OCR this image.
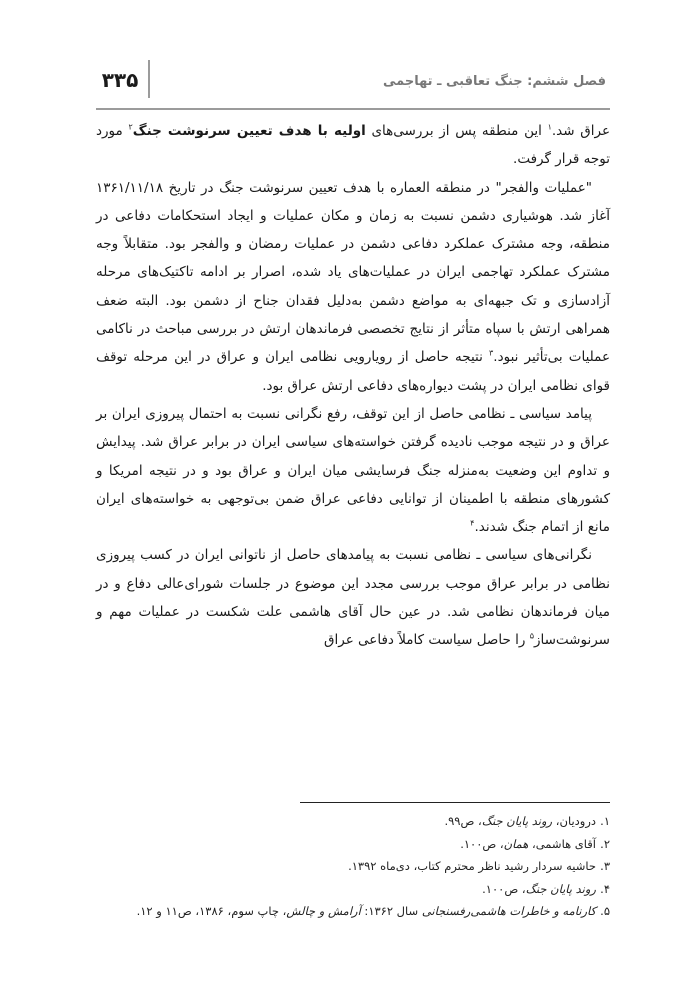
۳۳۵	فصل ششم: جنگ تعاقبی ـ تهاجمی

عراق شد.$^۱$ این منطقه پس از بررسی‌های اولیه با هدف تعیین سرنوشت جنگ$^۲$ مورد توجه قرار گرفت.

"عملیات والفجر" در منطقه العماره با هدف تعیین سرنوشت جنگ در تاریخ ۱۳۶۱/۱۱/۱۸ آغاز شد. هوشیاری دشمن نسبت به زمان و مکان عملیات و ایجاد استحکامات دفاعی در منطقه، وجه مشترک عملکرد دفاعی دشمن در عملیات رمضان و والفجر بود. متقابلاً وجه مشترک عملکرد تهاجمی ایران در عملیات‌های یاد شده، اصرار بر ادامه تاکتیک‌های مرحله آزادسازی و تک جبهه‌ای به مواضع دشمن به‌دلیل فقدان جناح از دشمن بود. البته ضعف همراهی ارتش با سپاه متأثر از نتایج تخصصی فرماندهان ارتش در بررسی مباحث در ناکامی عملیات بی‌تأثیر نبود.$^۳$ نتیجه حاصل از رویارویی نظامی ایران و عراق در این مرحله توقف قوای نظامی ایران در پشت دیواره‌های دفاعی ارتش عراق بود.

پیامد سیاسی ـ نظامی حاصل از این توقف، رفع نگرانی نسبت به احتمال پیروزی ایران بر عراق و در نتیجه موجب نادیده گرفتن خواسته‌های سیاسی ایران در برابر عراق شد. پیدایش و تداوم این وضعیت به‌منزله جنگ فرسایشی میان ایران و عراق بود و در نتیجه امریکا و کشورهای منطقه با اطمینان از توانایی دفاعی عراق ضمن بی‌توجهی به خواسته‌های ایران مانع از اتمام جنگ شدند.$^۴$

نگرانی‌های سیاسی ـ نظامی نسبت به پیامدهای حاصل از ناتوانی ایران در کسب پیروزی نظامی در برابر عراق موجب بررسی مجدد این موضوع در جلسات شورای‌عالی دفاع و در میان فرماندهان نظامی شد. در عین حال آقای هاشمی علت شکست در عملیات مهم و سرنوشت‌ساز$^۵$ را حاصل سیاست کاملاً دفاعی عراق

۱.درودیان، روند پایان جنگ، ص۹۹.
۲.آقای هاشمی، همان، ص۱۰۰.
۳.حاشیه سردار رشید ناظر محترم کتاب، دی‌ماه ۱۳۹۲.
۴.روند پایان جنگ، ص۱۰۰.
۵.کارنامه و خاطرات هاشمی‌رفسنجانی سال ۱۳۶۲: آرامش و چالش، چاپ سوم، ۱۳۸۶، ص۱۱ و ۱۲.
